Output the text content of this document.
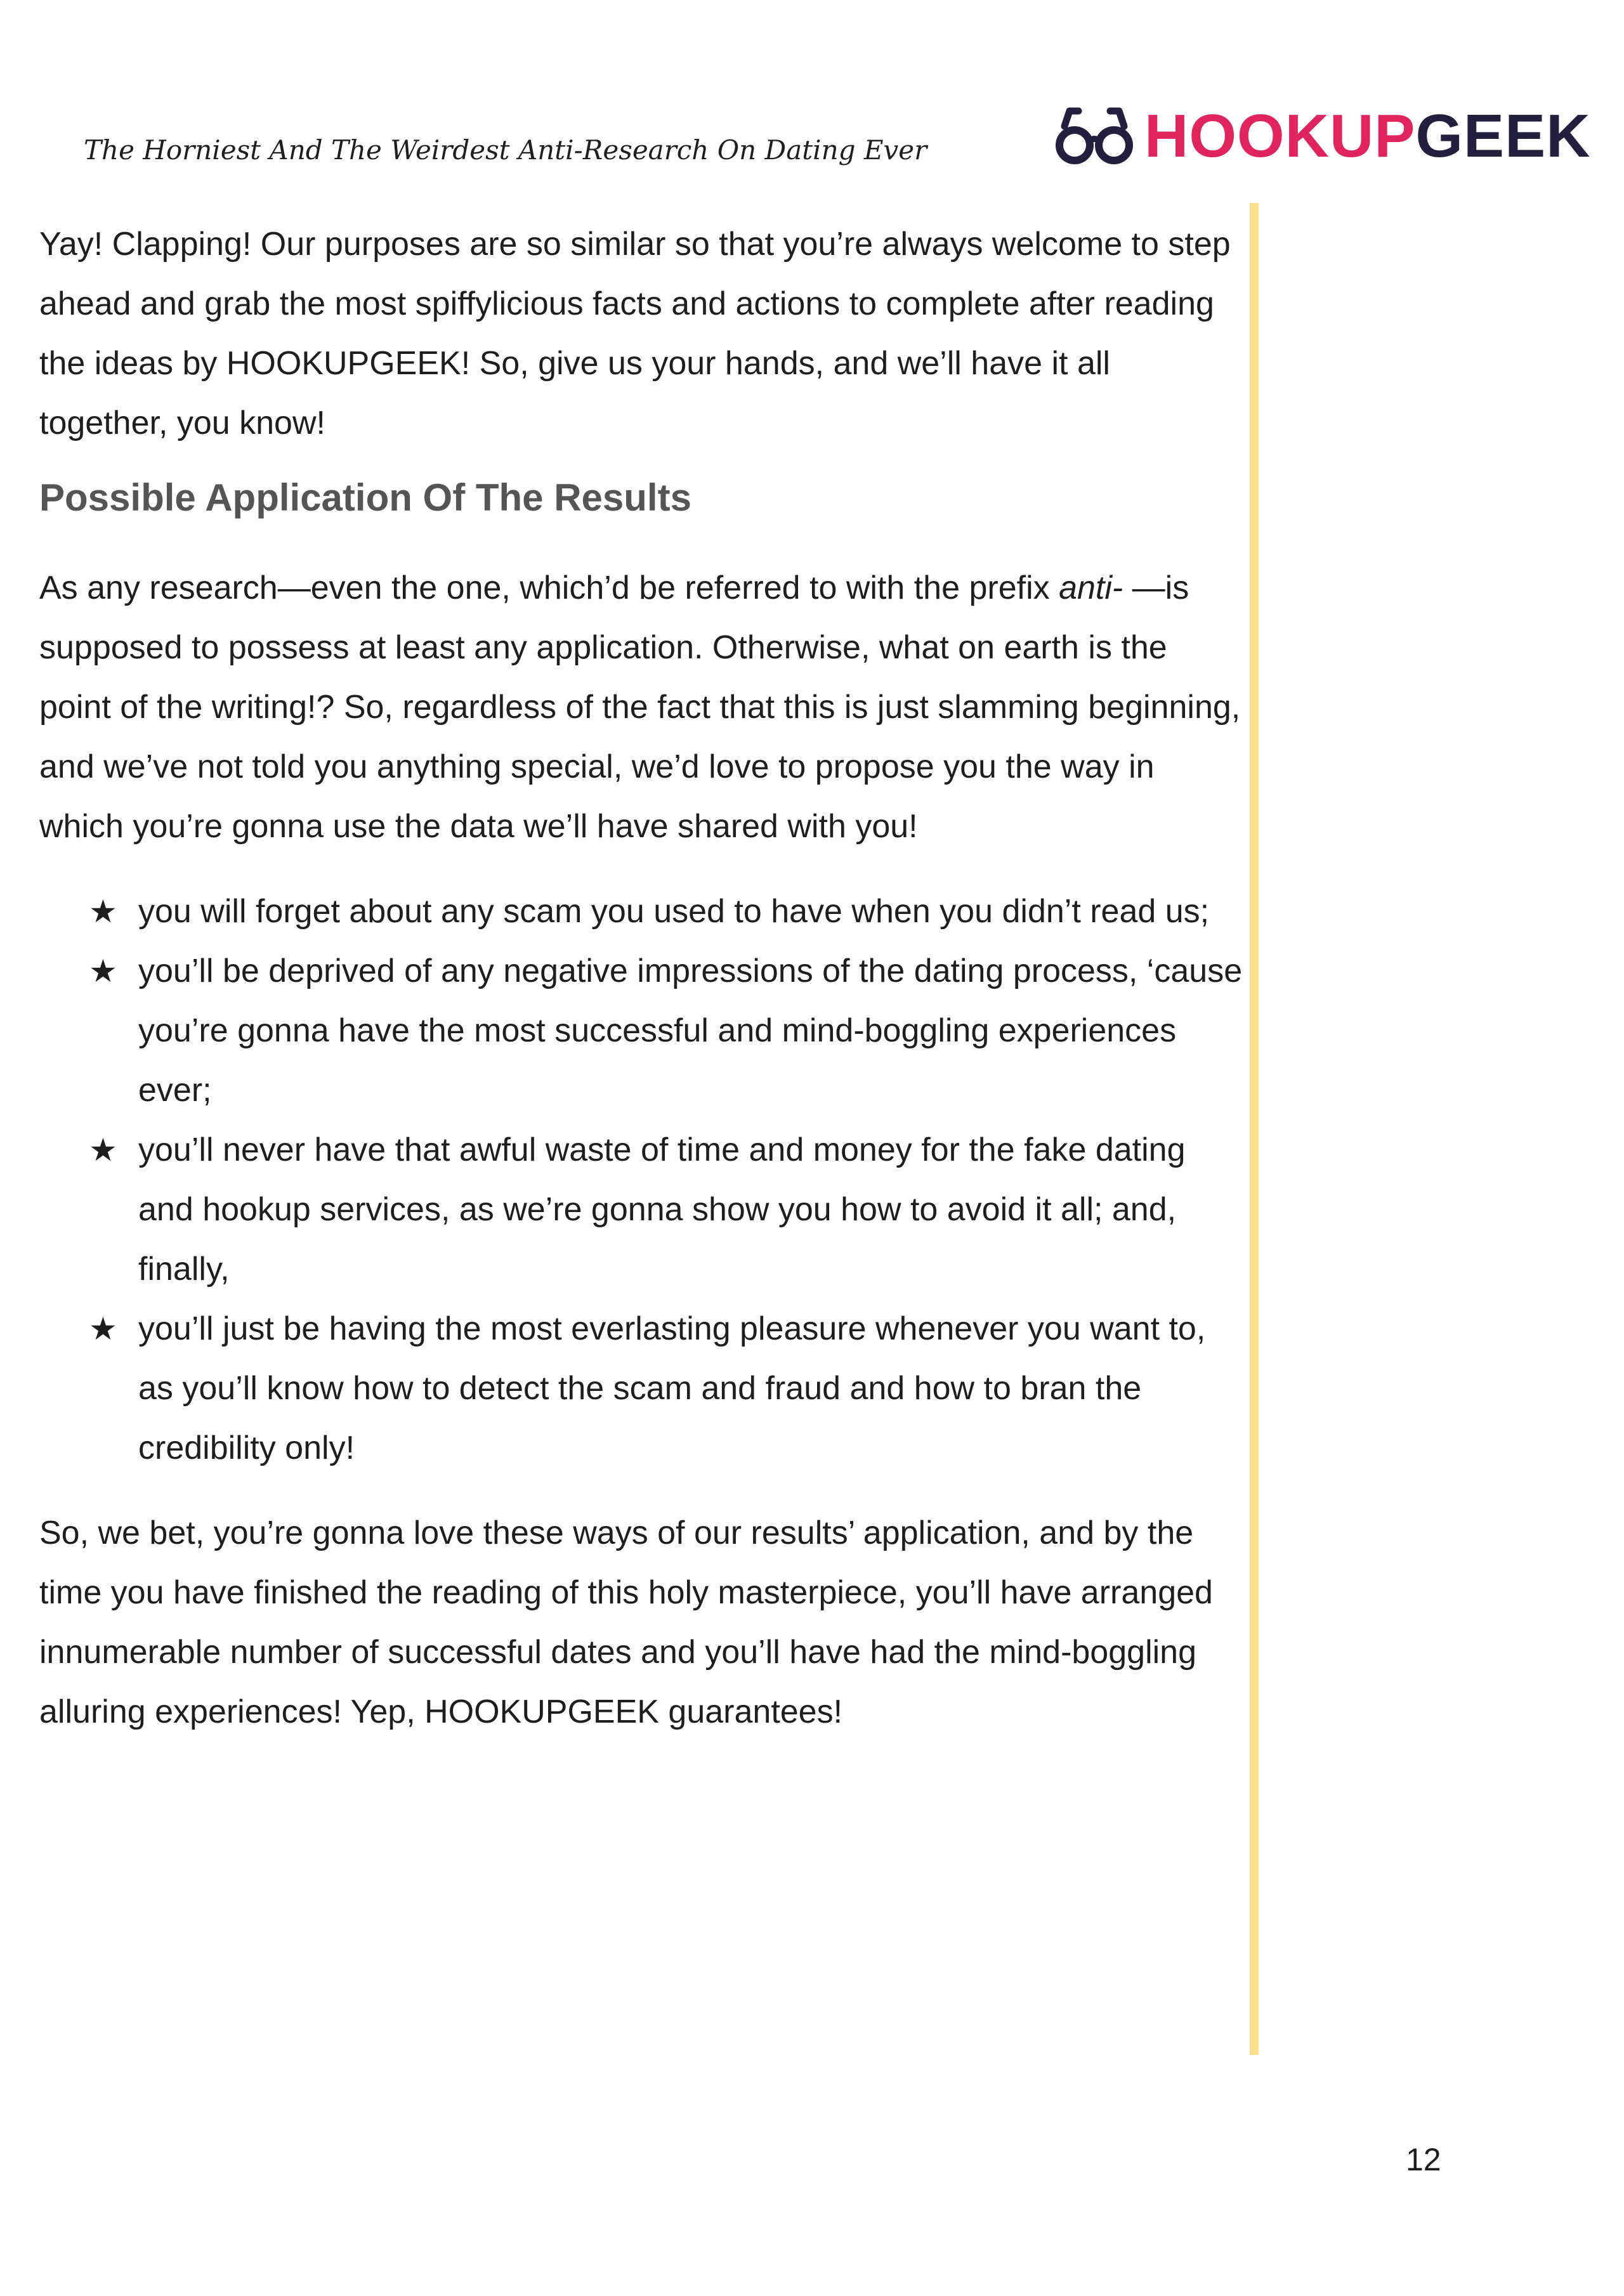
The Horniest And The Weirdest Anti-Research On Dating Ever	HOOKUPGEEK

Yay! Clapping! Our purposes are so similar so that you’re always welcome to step ahead and grab the most spiffylicious facts and actions to complete after reading the ideas by HOOKUPGEEK! So, give us your hands, and we’ll have it all together, you know!

Possible Application Of The Results

As any research—even the one, which’d be referred to with the prefix anti- —is supposed to possess at least any application. Otherwise, what on earth is the point of the writing!? So, regardless of the fact that this is just slamming beginning, and we’ve not told you anything special, we’d love to propose you the way in which you’re gonna use the data we’ll have shared with you!

★ you will forget about any scam you used to have when you didn’t read us;
★ you’ll be deprived of any negative impressions of the dating process, ‘cause you’re gonna have the most successful and mind-boggling experiences ever;
★ you’ll never have that awful waste of time and money for the fake dating and hookup services, as we’re gonna show you how to avoid it all; and, finally,
★ you’ll just be having the most everlasting pleasure whenever you want to, as you’ll know how to detect the scam and fraud and how to bran the credibility only!

So, we bet, you’re gonna love these ways of our results’ application, and by the time you have finished the reading of this holy masterpiece, you’ll have arranged innumerable number of successful dates and you’ll have had the mind-boggling alluring experiences! Yep, HOOKUPGEEK guarantees!

12
